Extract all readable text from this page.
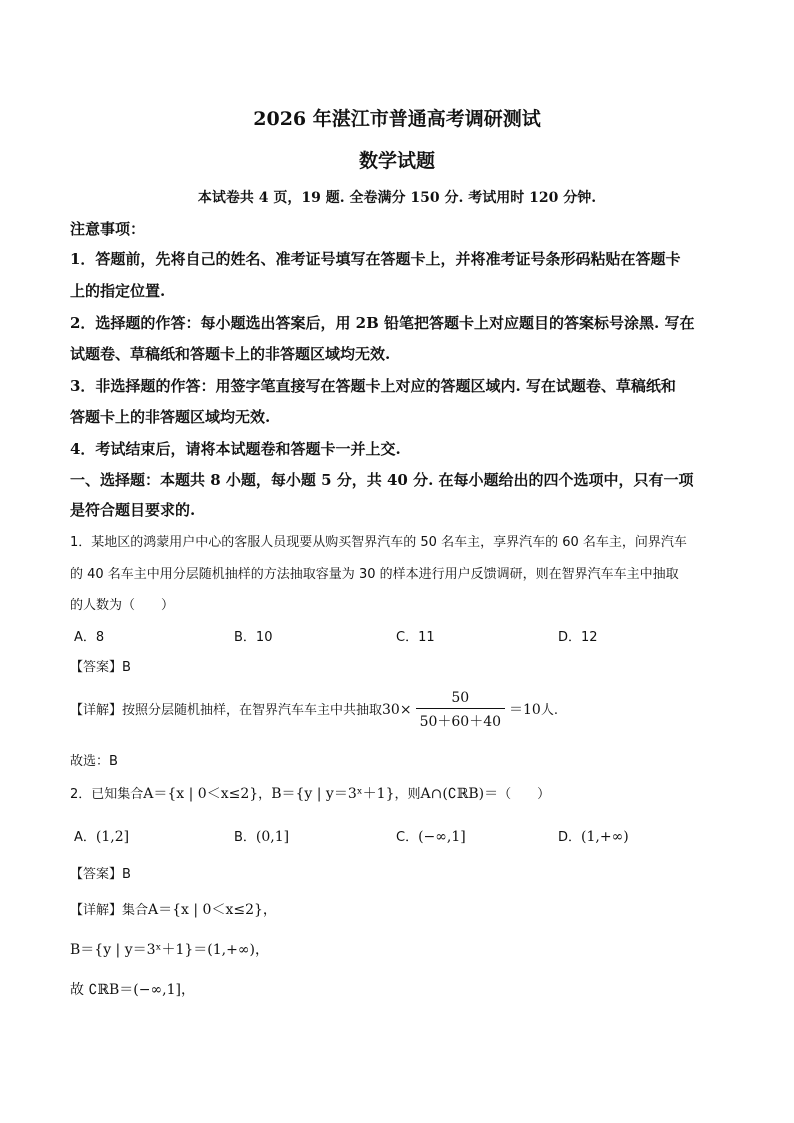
2026 年湛江市普通高考调研测试
数学试题
本试卷共 4 页，19 题. 全卷满分 150 分. 考试用时 120 分钟.
注意事项：
1．答题前，先将自己的姓名、准考证号填写在答题卡上，并将准考证号条形码粘贴在答题卡
上的指定位置.
2．选择题的作答：每小题选出答案后，用 2B 铅笔把答题卡上对应题目的答案标号涂黑. 写在
试题卷、草稿纸和答题卡上的非答题区域均无效.
3．非选择题的作答：用签字笔直接写在答题卡上对应的答题区域内. 写在试题卷、草稿纸和
答题卡上的非答题区域均无效.
4．考试结束后，请将本试题卷和答题卡一并上交.
一、选择题：本题共 8 小题，每小题 5 分，共 40 分. 在每小题给出的四个选项中，只有一项
是符合题目要求的.
1．某地区的鸿蒙用户中心的客服人员现要从购买智界汽车的 50 名车主，享界汽车的 60 名车主，问界汽车
的 40 名车主中用分层随机抽样的方法抽取容量为 30 的样本进行用户反馈调研，则在智界汽车车主中抽取
的人数为（　　）
A．8	B．10	C．11	D．12
【答案】B
【详解】按照分层随机抽样，在智界汽车车主中共抽取$30\times \frac{50}{50+60+40} =10$人.
故选：B
2．已知集合A＝{x | 0＜x≤2}，B＝{y | y＝3ˣ＋1}，则A∩(∁ℝB)＝（　　）
A．(1,2]	B．(0,1]	C．(−∞,1]	D．(1,+∞)
【答案】B
【详解】集合A＝{x | 0＜x≤2}，
B＝{y | y＝3ˣ＋1}＝(1,+∞)，
故 ∁ℝB＝(−∞,1]，
